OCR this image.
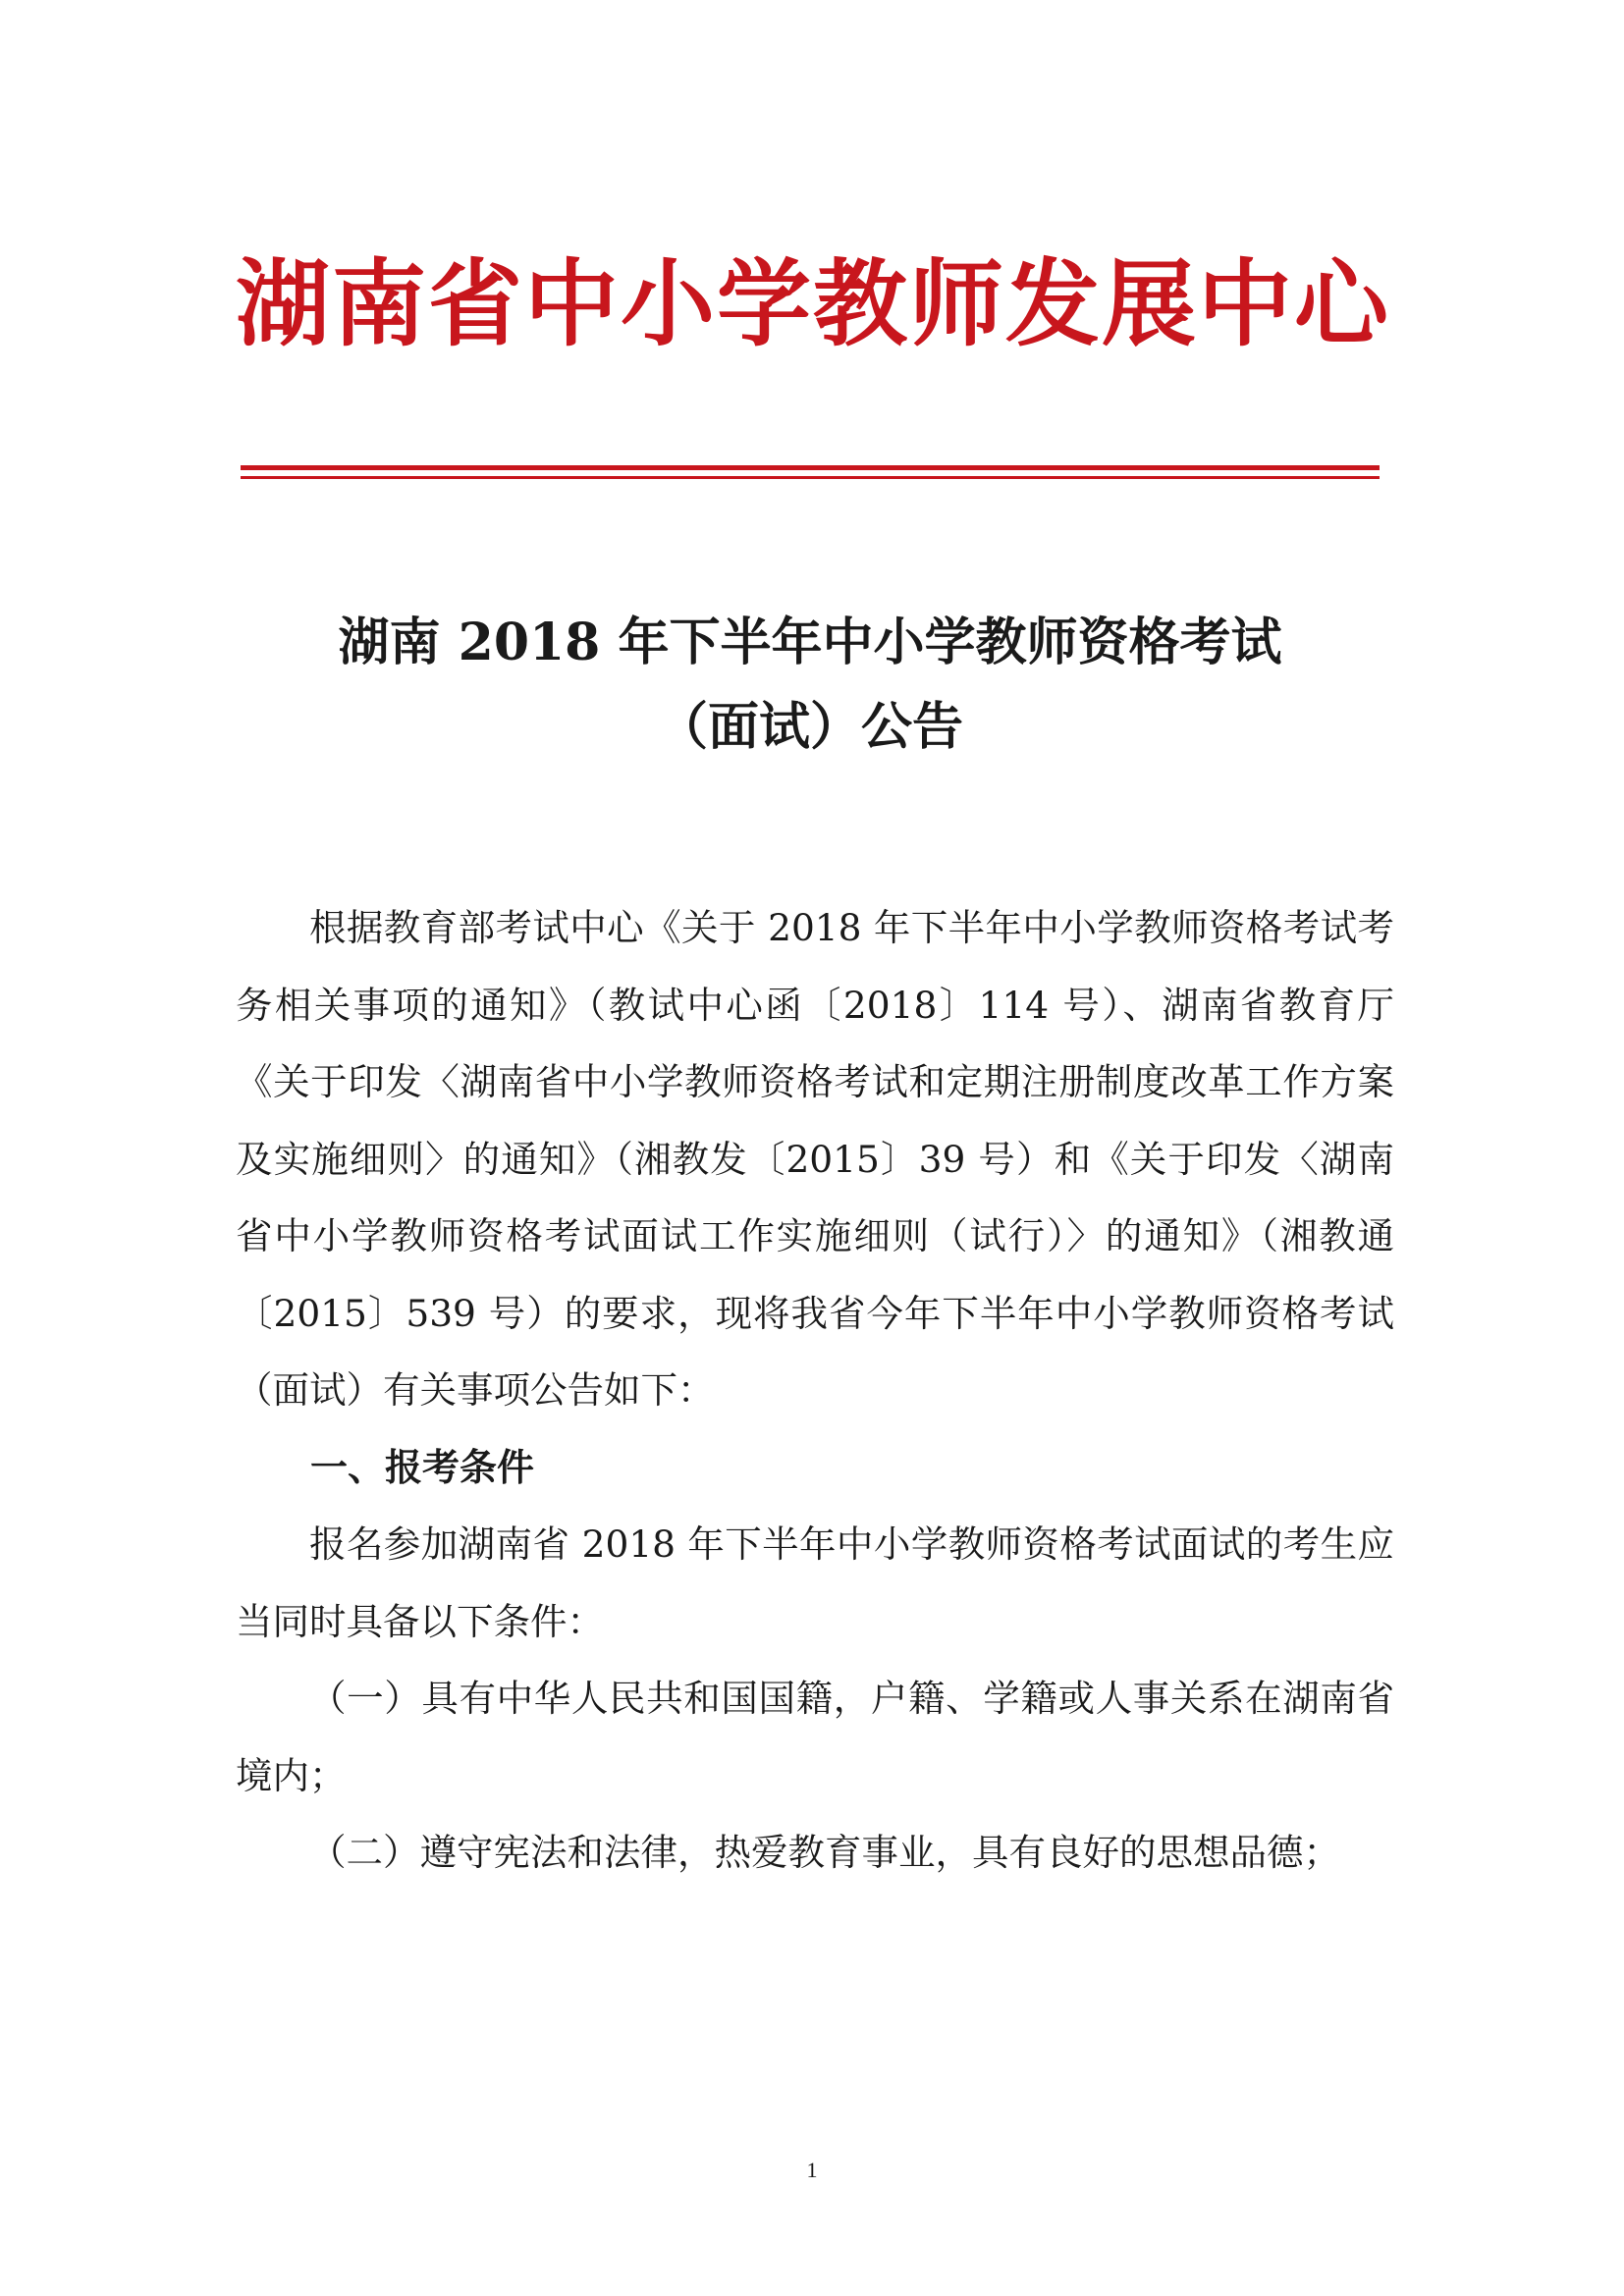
湖南省中小学教师发展中心
湖南 2018 年下半年中小学教师资格考试
（面试）公告

根据教育部考试中心《关于 2018 年下半年中小学教师资格考试考务相关事项的通知》（教试中心函〔2018〕114 号）、湖南省教育厅《关于印发〈湖南省中小学教师资格考试和定期注册制度改革工作方案及实施细则〉的通知》（湘教发〔2015〕39 号）和《关于印发〈湖南省中小学教师资格考试面试工作实施细则（试行）〉的通知》（湘教通〔2015〕539 号）的要求，现将我省今年下半年中小学教师资格考试（面试）有关事项公告如下：

一、报考条件

报名参加湖南省 2018 年下半年中小学教师资格考试面试的考生应当同时具备以下条件：

（一）具有中华人民共和国国籍，户籍、学籍或人事关系在湖南省境内；

（二）遵守宪法和法律，热爱教育事业，具有良好的思想品德；

1
